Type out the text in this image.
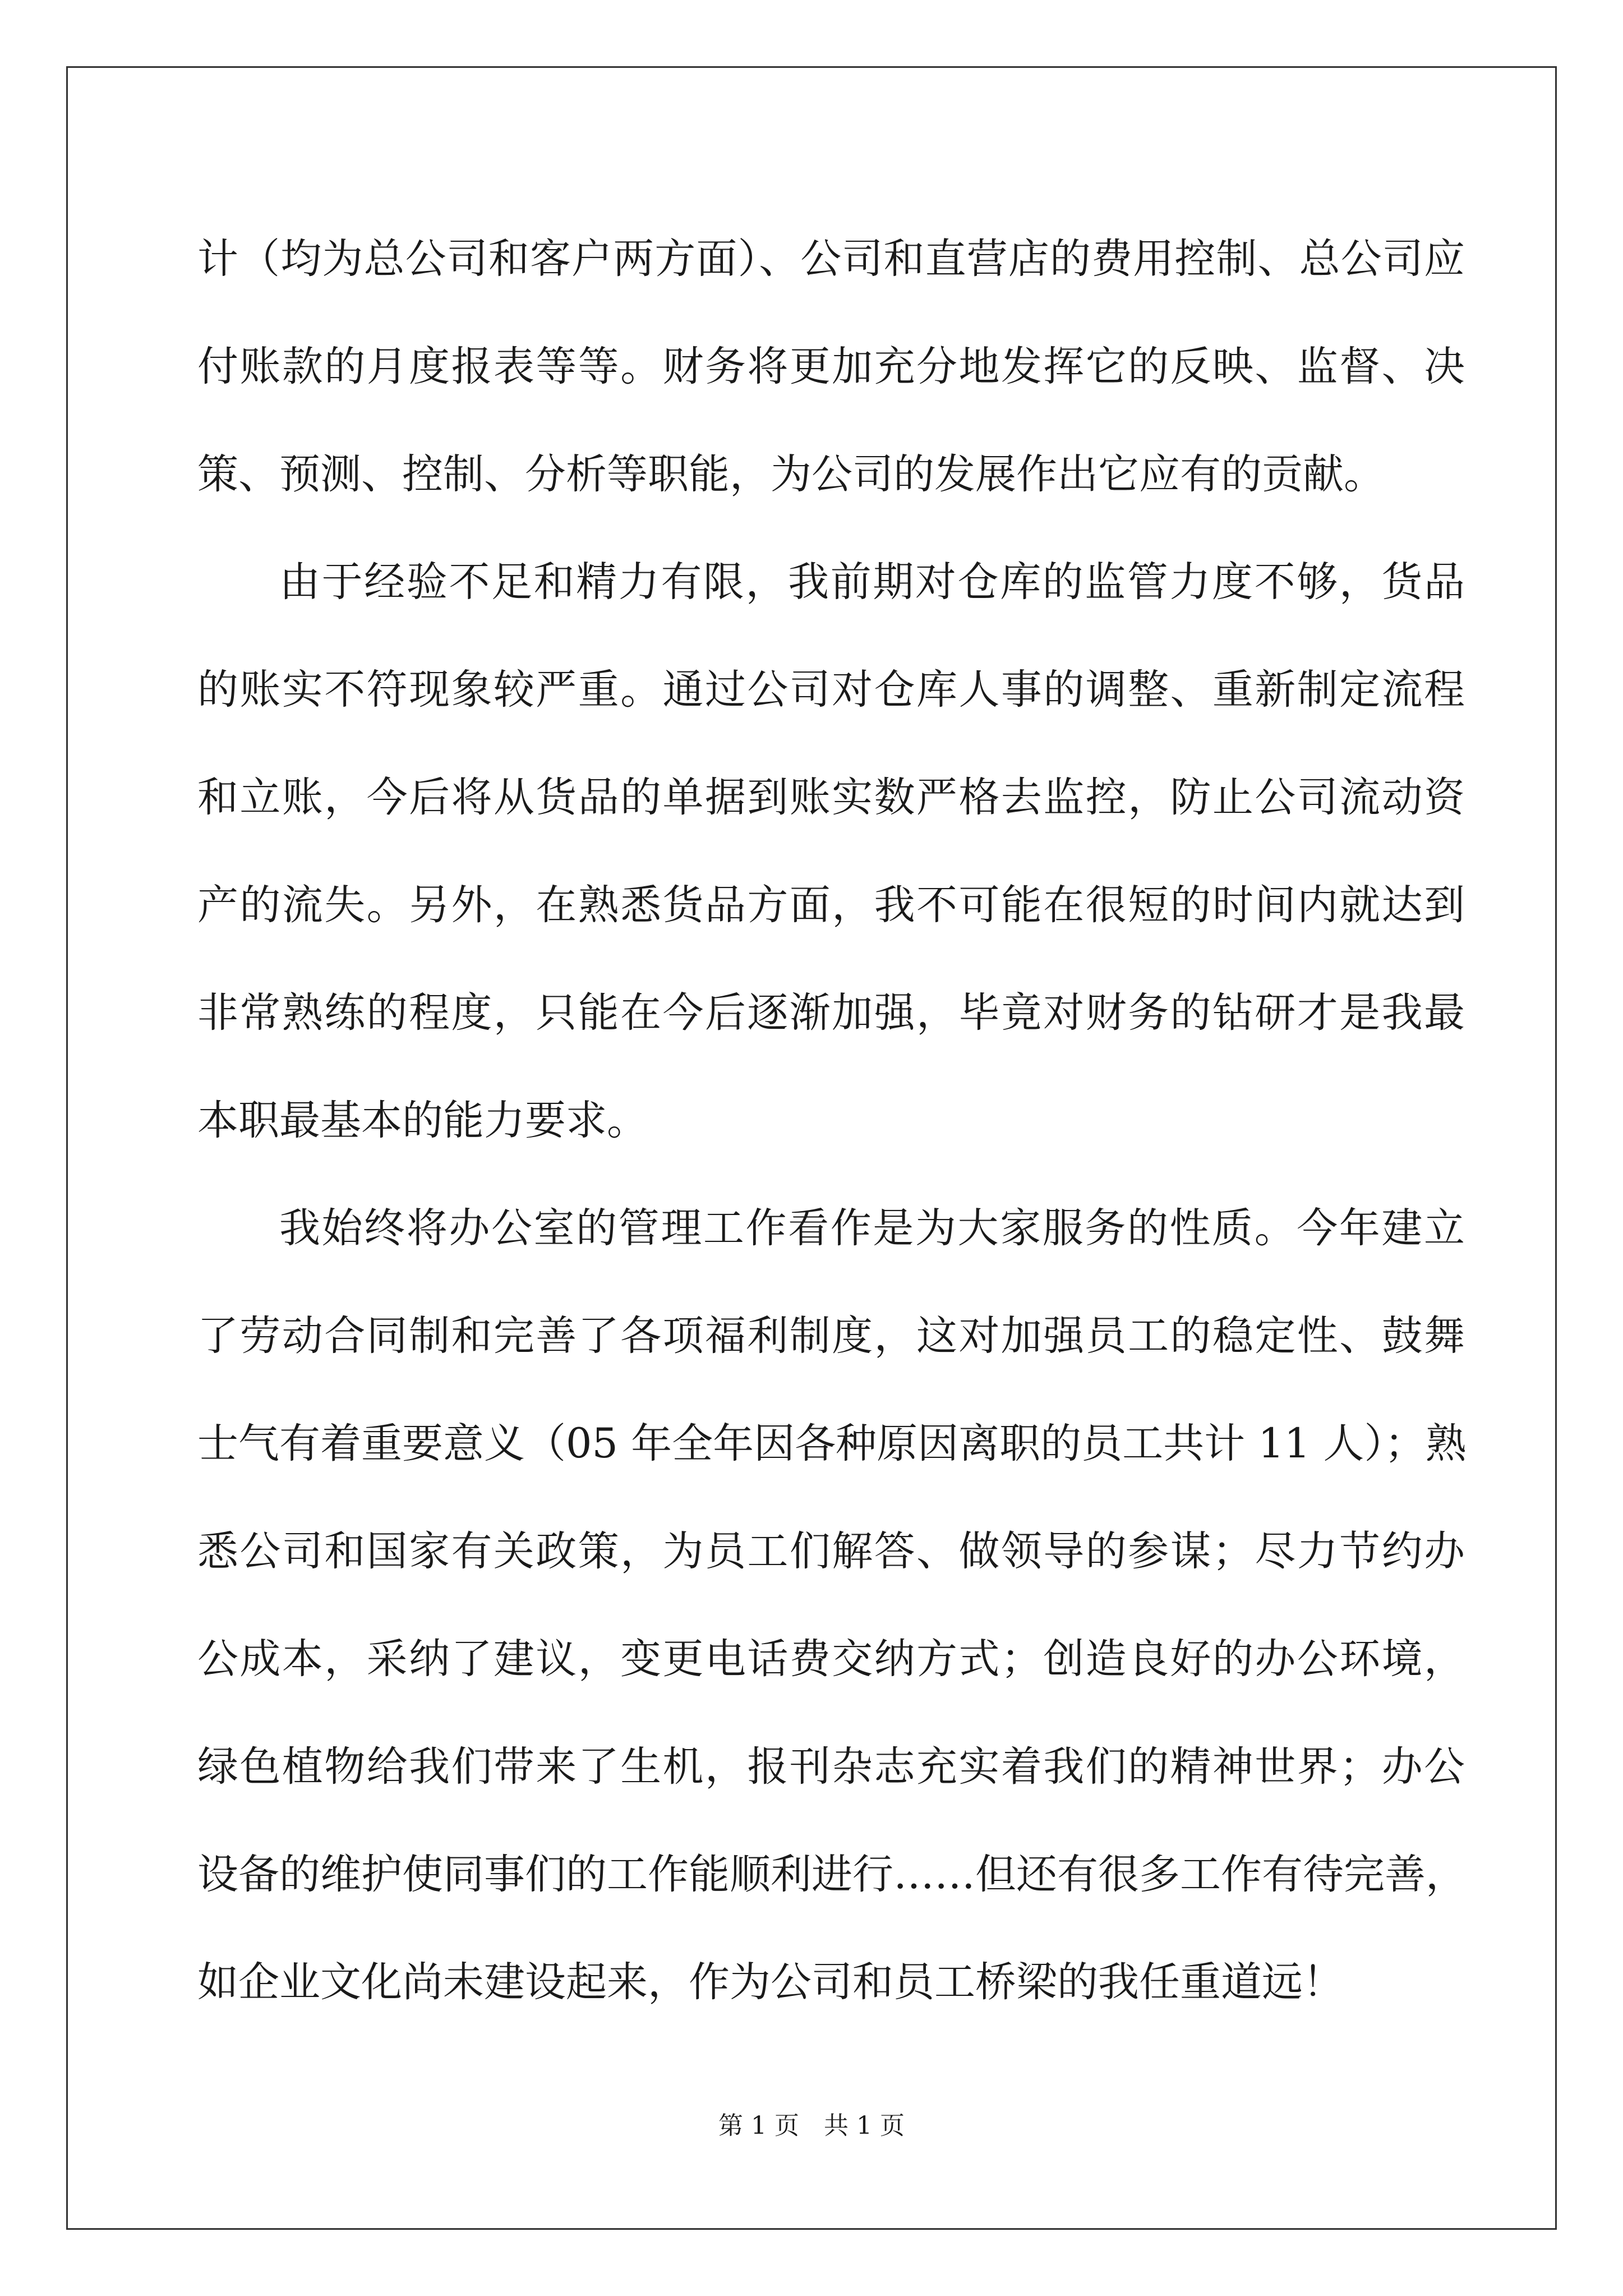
计（均为总公司和客户两方面）、公司和直营店的费用控制、总公司应
付账款的月度报表等等。财务将更加充分地发挥它的反映、监督、决
策、预测、控制、分析等职能，为公司的发展作出它应有的贡献。
由于经验不足和精力有限，我前期对仓库的监管力度不够，货品
的账实不符现象较严重。通过公司对仓库人事的调整、重新制定流程
和立账，今后将从货品的单据到账实数严格去监控，防止公司流动资
产的流失。另外，在熟悉货品方面，我不可能在很短的时间内就达到
非常熟练的程度，只能在今后逐渐加强，毕竟对财务的钻研才是我最
本职最基本的能力要求。
我始终将办公室的管理工作看作是为大家服务的性质。今年建立
了劳动合同制和完善了各项福利制度，这对加强员工的稳定性、鼓舞
士气有着重要意义（05 年全年因各种原因离职的员工共计 11 人）；熟
悉公司和国家有关政策，为员工们解答、做领导的参谋；尽力节约办
公成本，采纳了建议，变更电话费交纳方式；创造良好的办公环境，
绿色植物给我们带来了生机，报刊杂志充实着我们的精神世界；办公
设备的维护使同事们的工作能顺利进行……但还有很多工作有待完善，
如企业文化尚未建设起来，作为公司和员工桥梁的我任重道远！
第 1 页　共 1 页
